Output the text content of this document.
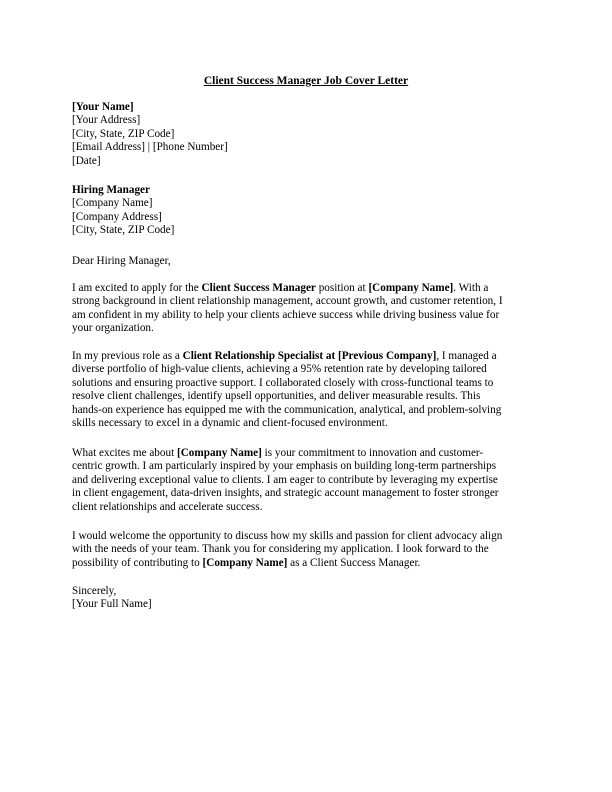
Client Success Manager Job Cover Letter
[Your Name]
[Your Address]
[City, State, ZIP Code]
[Email Address] | [Phone Number]
[Date]
Hiring Manager
[Company Name]
[Company Address]
[City, State, ZIP Code]
Dear Hiring Manager,
I am excited to apply for the Client Success Manager position at [Company Name]. With a
strong background in client relationship management, account growth, and customer retention, I
am confident in my ability to help your clients achieve success while driving business value for
your organization.
In my previous role as a Client Relationship Specialist at [Previous Company], I managed a
diverse portfolio of high-value clients, achieving a 95% retention rate by developing tailored
solutions and ensuring proactive support. I collaborated closely with cross-functional teams to
resolve client challenges, identify upsell opportunities, and deliver measurable results. This
hands-on experience has equipped me with the communication, analytical, and problem-solving
skills necessary to excel in a dynamic and client-focused environment.
What excites me about [Company Name] is your commitment to innovation and customer-
centric growth. I am particularly inspired by your emphasis on building long-term partnerships
and delivering exceptional value to clients. I am eager to contribute by leveraging my expertise
in client engagement, data-driven insights, and strategic account management to foster stronger
client relationships and accelerate success.
I would welcome the opportunity to discuss how my skills and passion for client advocacy align
with the needs of your team. Thank you for considering my application. I look forward to the
possibility of contributing to [Company Name] as a Client Success Manager.
Sincerely,
[Your Full Name]
